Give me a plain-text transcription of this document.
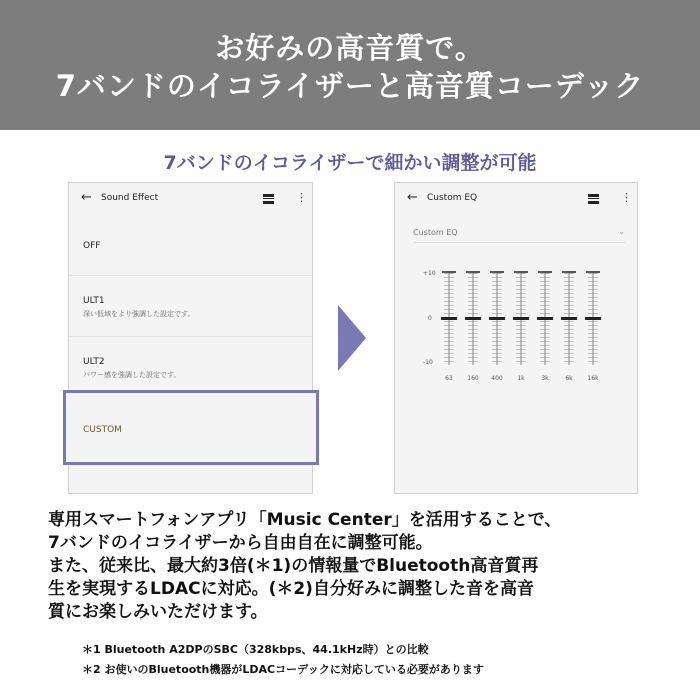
お好みの高音質で。
7バンドのイコライザーと高音質コーデック
7バンドのイコライザーで細かい調整が可能
← Sound Effect	⋮
OFF
ULT1
深い低域をより強調した設定です。
ULT2
パワー感を強調した設定です。
CUSTOM
← Custom EQ	⋮
Custom EQ	⌄
+10
0
-10
63	160	400	1k	3k	6k	16k
専用スマートフォンアプリ「Music Center」を活用することで、
7バンドのイコライザーから自由自在に調整可能。
また、従来比、最大約3倍(＊1)の情報量でBluetooth高音質再
生を実現するLDACに対応。(＊2)自分好みに調整した音を高音
質にお楽しみいただけます。
＊1 Bluetooth A2DPのSBC（328kbps、44.1kHz時）との比較
＊2 お使いのBluetooth機器がLDACコーデックに対応している必要があります
